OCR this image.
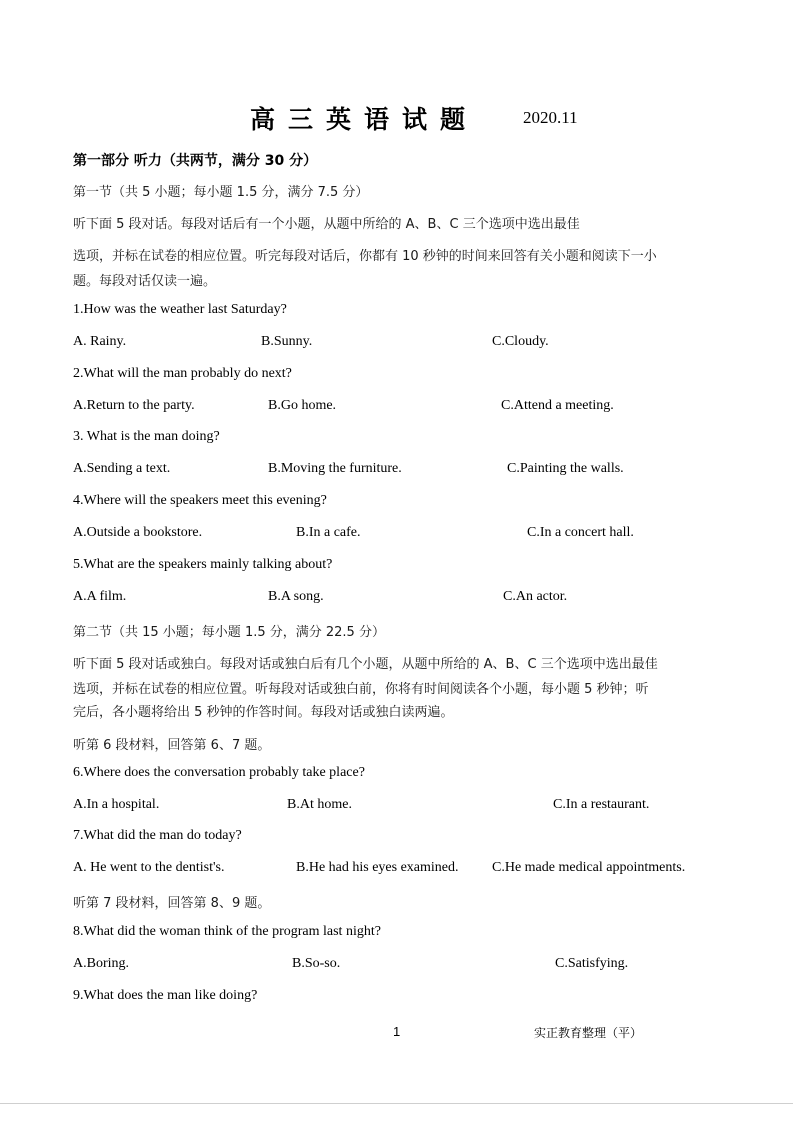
高三英语试题	2020.11
第一部分 听力（共两节，满分 30 分）
第一节（共 5 小题；每小题 1.5 分，满分 7.5 分）
听下面 5 段对话。每段对话后有一个小题，从题中所给的 A、B、C 三个选项中选出最佳
选项，并标在试卷的相应位置。听完每段对话后，你都有 10 秒钟的时间来回答有关小题和阅读下一小
题。每段对话仅读一遍。
1.How was the weather last Saturday?
A. Rainy.	B.Sunny.	C.Cloudy.
2.What will the man probably do next?
A.Return to the party.	B.Go home.	C.Attend a meeting.
3. What is the man doing?
A.Sending a text.	B.Moving the furniture.	C.Painting the walls.
4.Where will the speakers meet this evening?
A.Outside a bookstore.	B.In a cafe.	C.In a concert hall.
5.What are the speakers mainly talking about?
A.A film.	B.A song.	C.An actor.
第二节（共 15 小题；每小题 1.5 分，满分 22.5 分）
听下面 5 段对话或独白。每段对话或独白后有几个小题，从题中所给的 A、B、C 三个选项中选出最佳
选项，并标在试卷的相应位置。听每段对话或独白前，你将有时间阅读各个小题，每小题 5 秒钟；听
完后，各小题将给出 5 秒钟的作答时间。每段对话或独白读两遍。
听第 6 段材料，回答第 6、7 题。
6.Where does the conversation probably take place?
A.In a hospital.	B.At home.	C.In a restaurant.
7.What did the man do today?
A. He went to the dentist's.	B.He had his eyes examined. C.He made medical appointments.
听第 7 段材料，回答第 8、9 题。
8.What did the woman think of the program last night?
A.Boring.	B.So-so.	C.Satisfying.
9.What does the man like doing?
1	实正教育整理（平）
